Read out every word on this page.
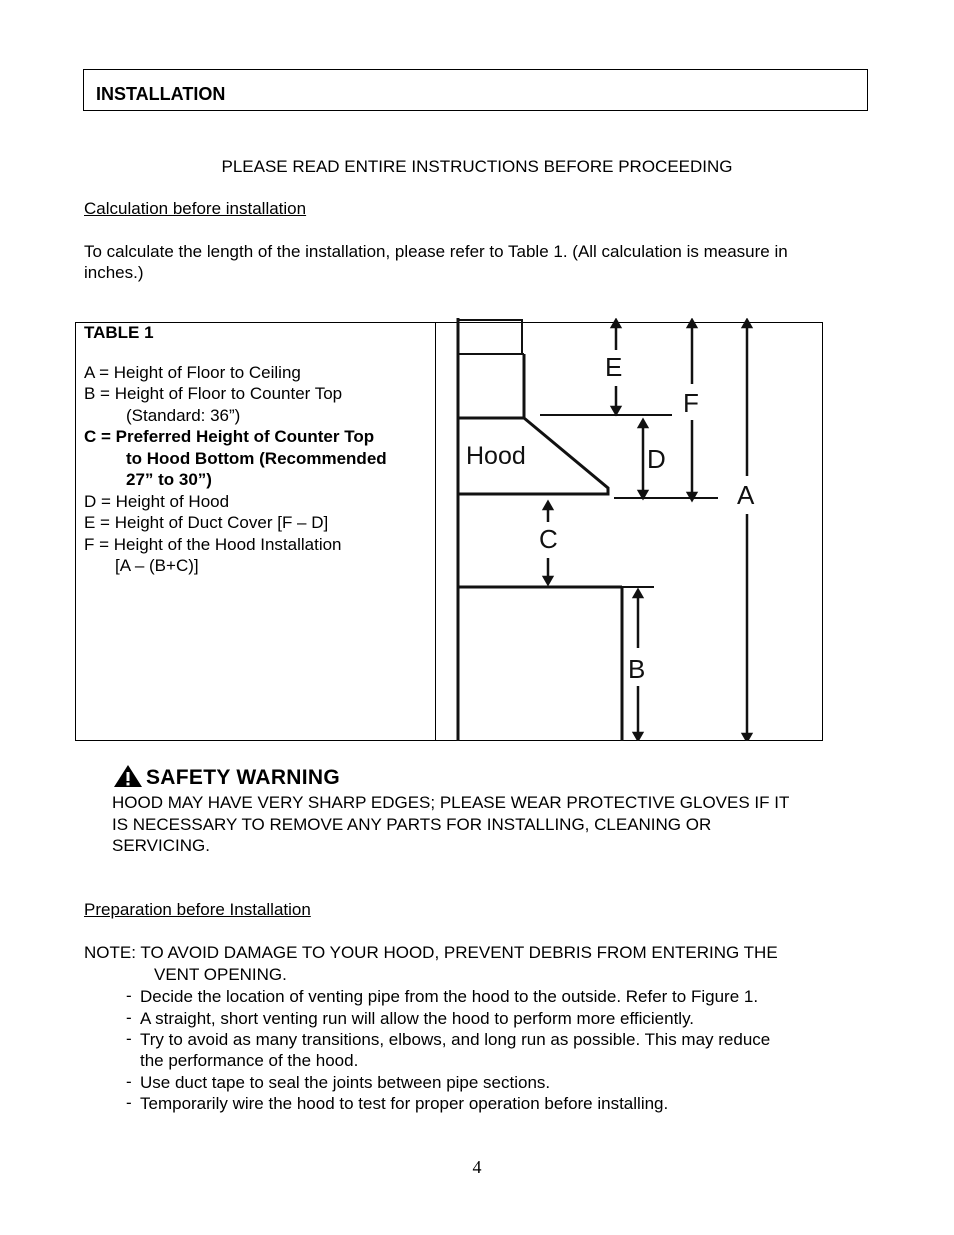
INSTALLATION
PLEASE READ ENTIRE INSTRUCTIONS BEFORE PROCEEDING
Calculation before installation
To calculate the length of the installation, please refer to Table 1. (All calculation is measure in
inches.)
TABLE 1
A = Height of Floor to Ceiling
B = Height of Floor to Counter Top
(Standard: 36”)
C = Preferred Height of Counter Top
to Hood Bottom (Recommended
27” to 30”)
D = Height of Hood
E = Height of Duct Cover [F – D]
F = Height of the Hood Installation
[A – (B+C)]
Hood
E
F
D
A
C
B
SAFETY WARNING
HOOD MAY HAVE VERY SHARP EDGES; PLEASE WEAR PROTECTIVE GLOVES IF IT
IS NECESSARY TO REMOVE ANY PARTS FOR INSTALLING, CLEANING OR
SERVICING.
Preparation before Installation
NOTE: TO AVOID DAMAGE TO YOUR HOOD, PREVENT DEBRIS FROM ENTERING THE
VENT OPENING.
- Decide the location of venting pipe from the hood to the outside. Refer to Figure 1.
- A straight, short venting run will allow the hood to perform more efficiently.
- Try to avoid as many transitions, elbows, and long run as possible. This may reduce
the performance of the hood.
- Use duct tape to seal the joints between pipe sections.
- Temporarily wire the hood to test for proper operation before installing.
4
